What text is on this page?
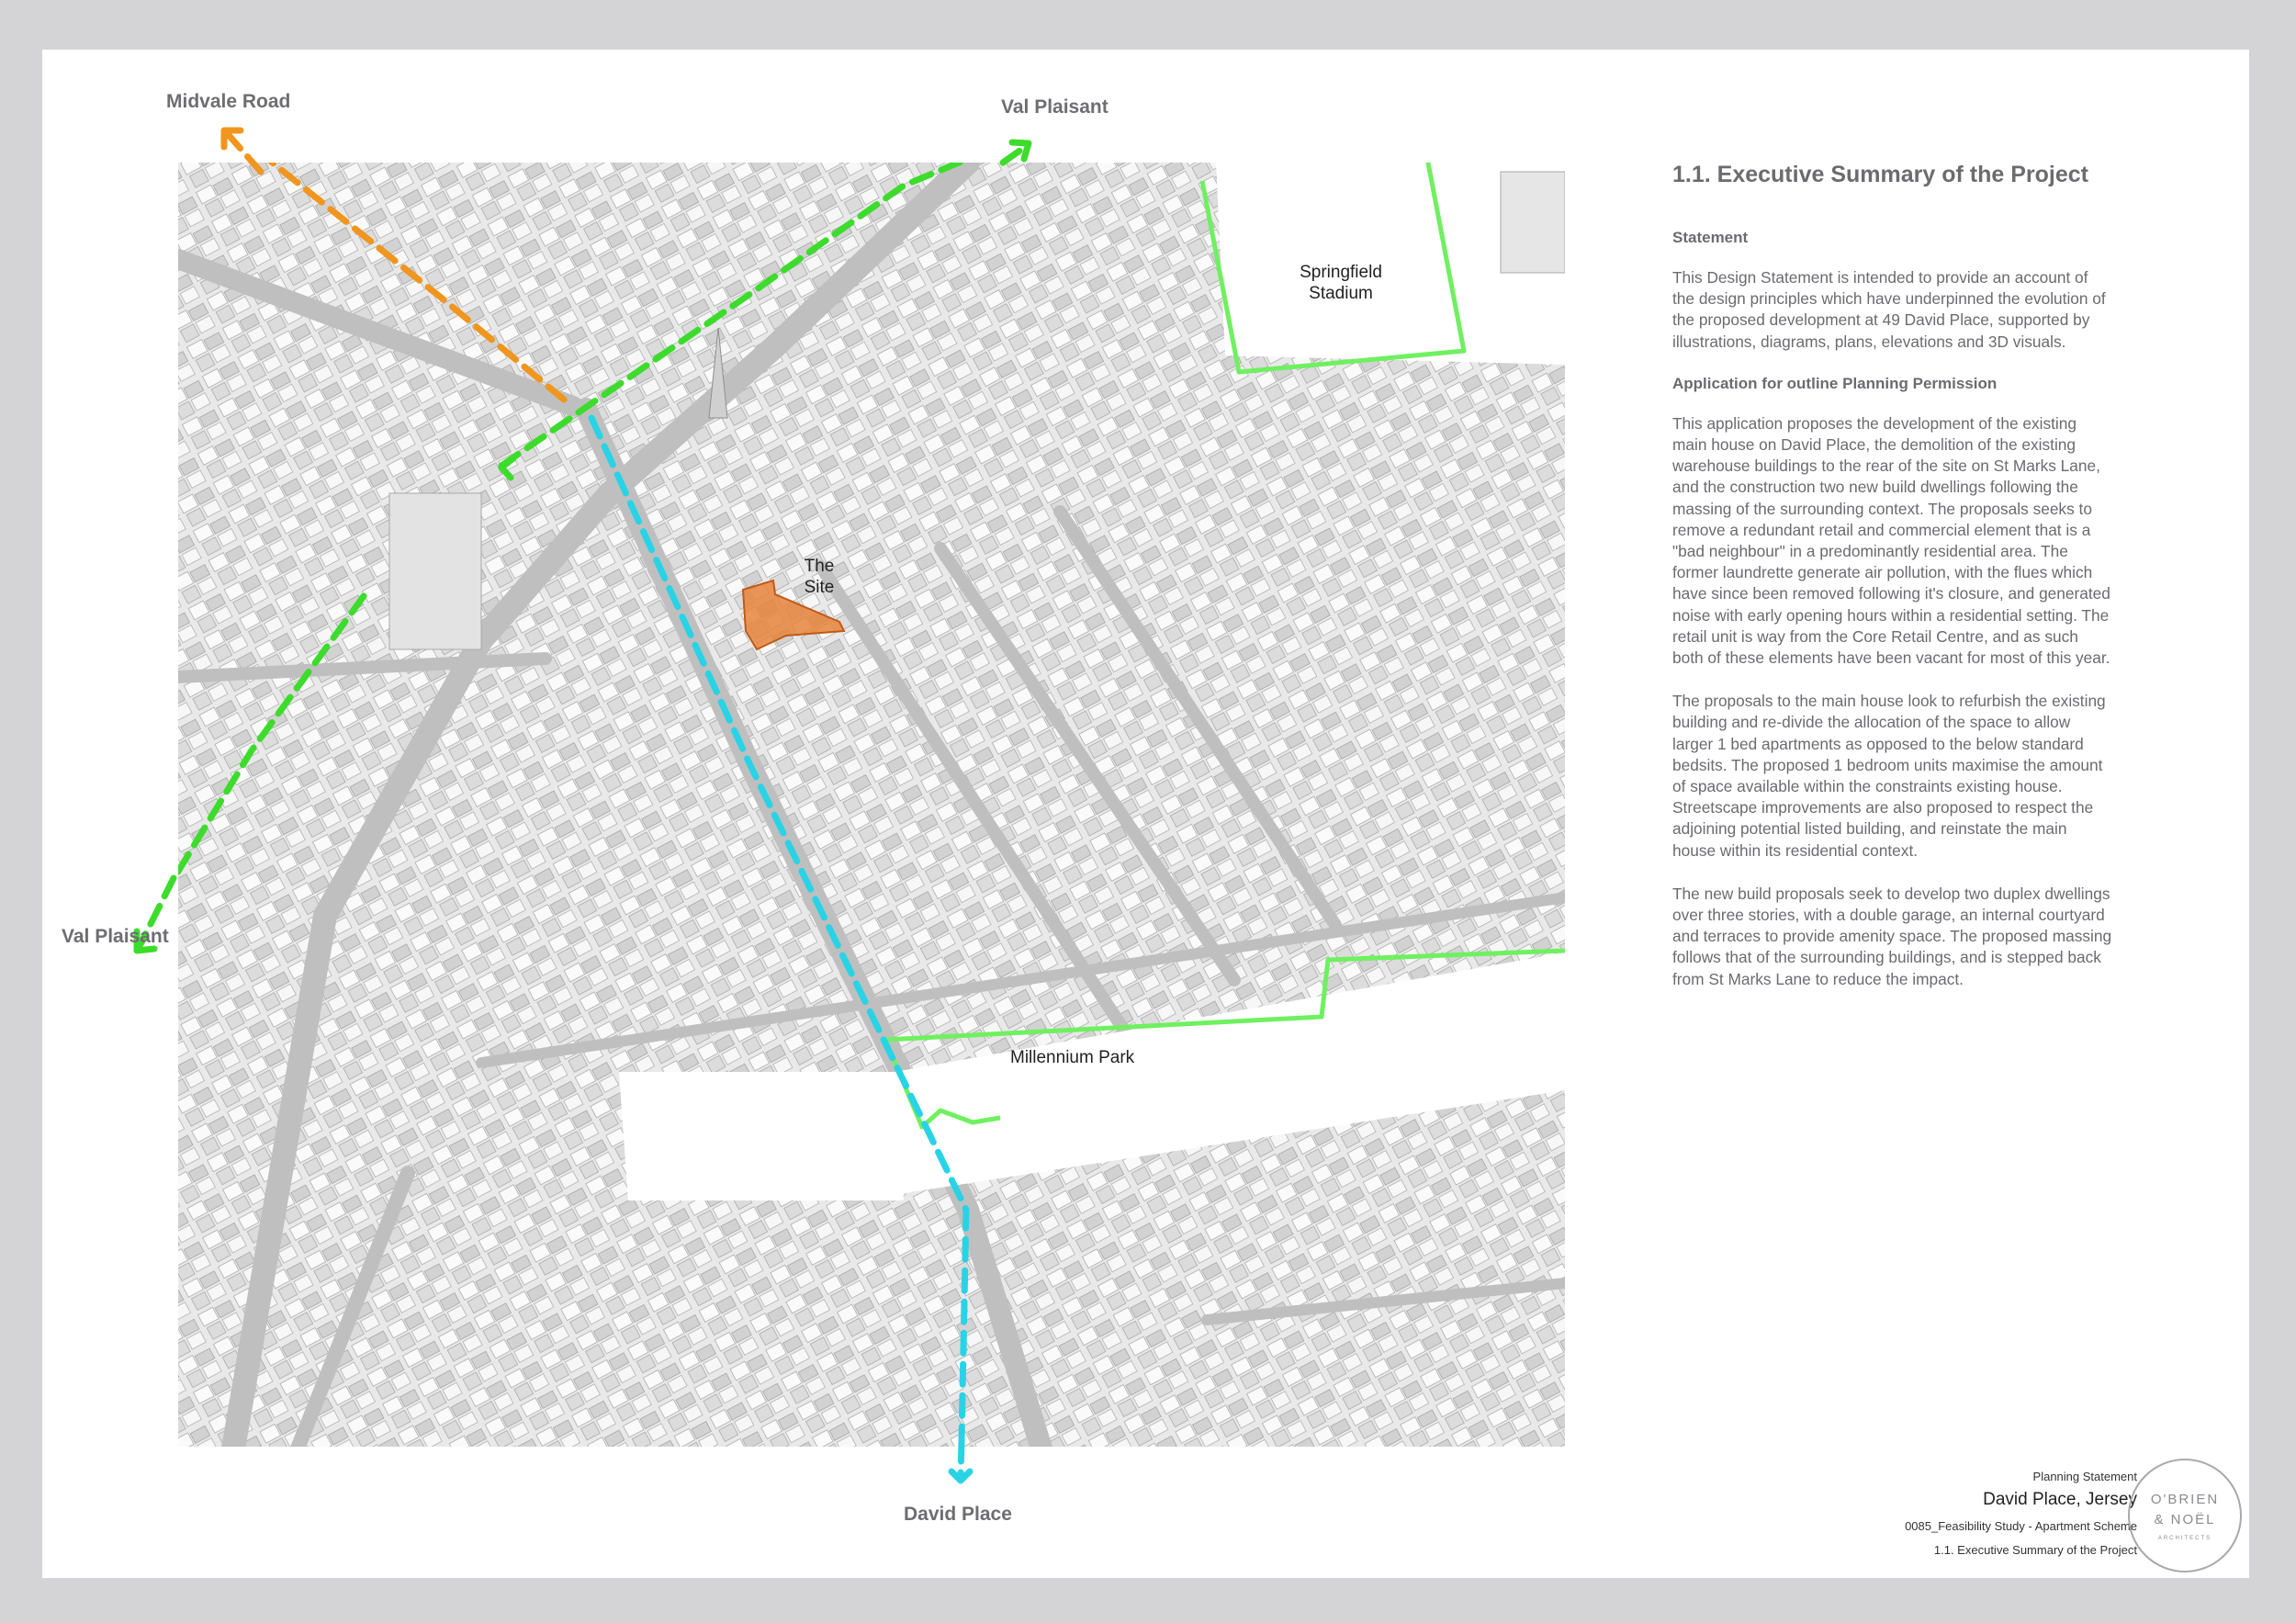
Midvale Road	Val Plaisant
Val Plaisant
David Place
Springfield
Stadium
The
Site
Millennium Park
1.1. Executive Summary of the Project
Statement
This Design Statement is intended to provide an account of the design principles which have underpinned the evolution of the proposed development at 49 David Place, supported by illustrations, diagrams, plans, elevations and 3D visuals.
Application for outline Planning Permission
This application proposes the development of the existing main house on David Place, the demolition of the existing warehouse buildings to the rear of the site on St Marks Lane, and the construction two new build dwellings following the massing of the surrounding context. The proposals seeks to remove a redundant retail and commercial element that is a "bad neighbour" in a predominantly residential area. The former laundrette generate air pollution, with the flues which have since been removed following it's closure, and generated noise with early opening hours within a residential setting. The retail unit is way from the Core Retail Centre, and as such both of these elements have been vacant for most of this year.
The proposals to the main house look to refurbish the existing building and re-divide the allocation of the space to allow larger 1 bed apartments as opposed to the below standard bedsits. The proposed 1 bedroom units maximise the amount of space available within the constraints existing house. Streetscape improvements are also proposed to respect the adjoining potential listed building, and reinstate the main house within its residential context.
The new build proposals seek to develop two duplex dwellings over three stories, with a double garage, an internal courtyard and terraces to provide amenity space. The proposed massing follows that of the surrounding buildings, and is stepped back from St Marks Lane to reduce the impact.
Planning Statement
David Place, Jersey
0085_Feasibility Study - Apartment Scheme
1.1. Executive Summary of the Project
O'BRIEN
& NOËL
ARCHITECTS
